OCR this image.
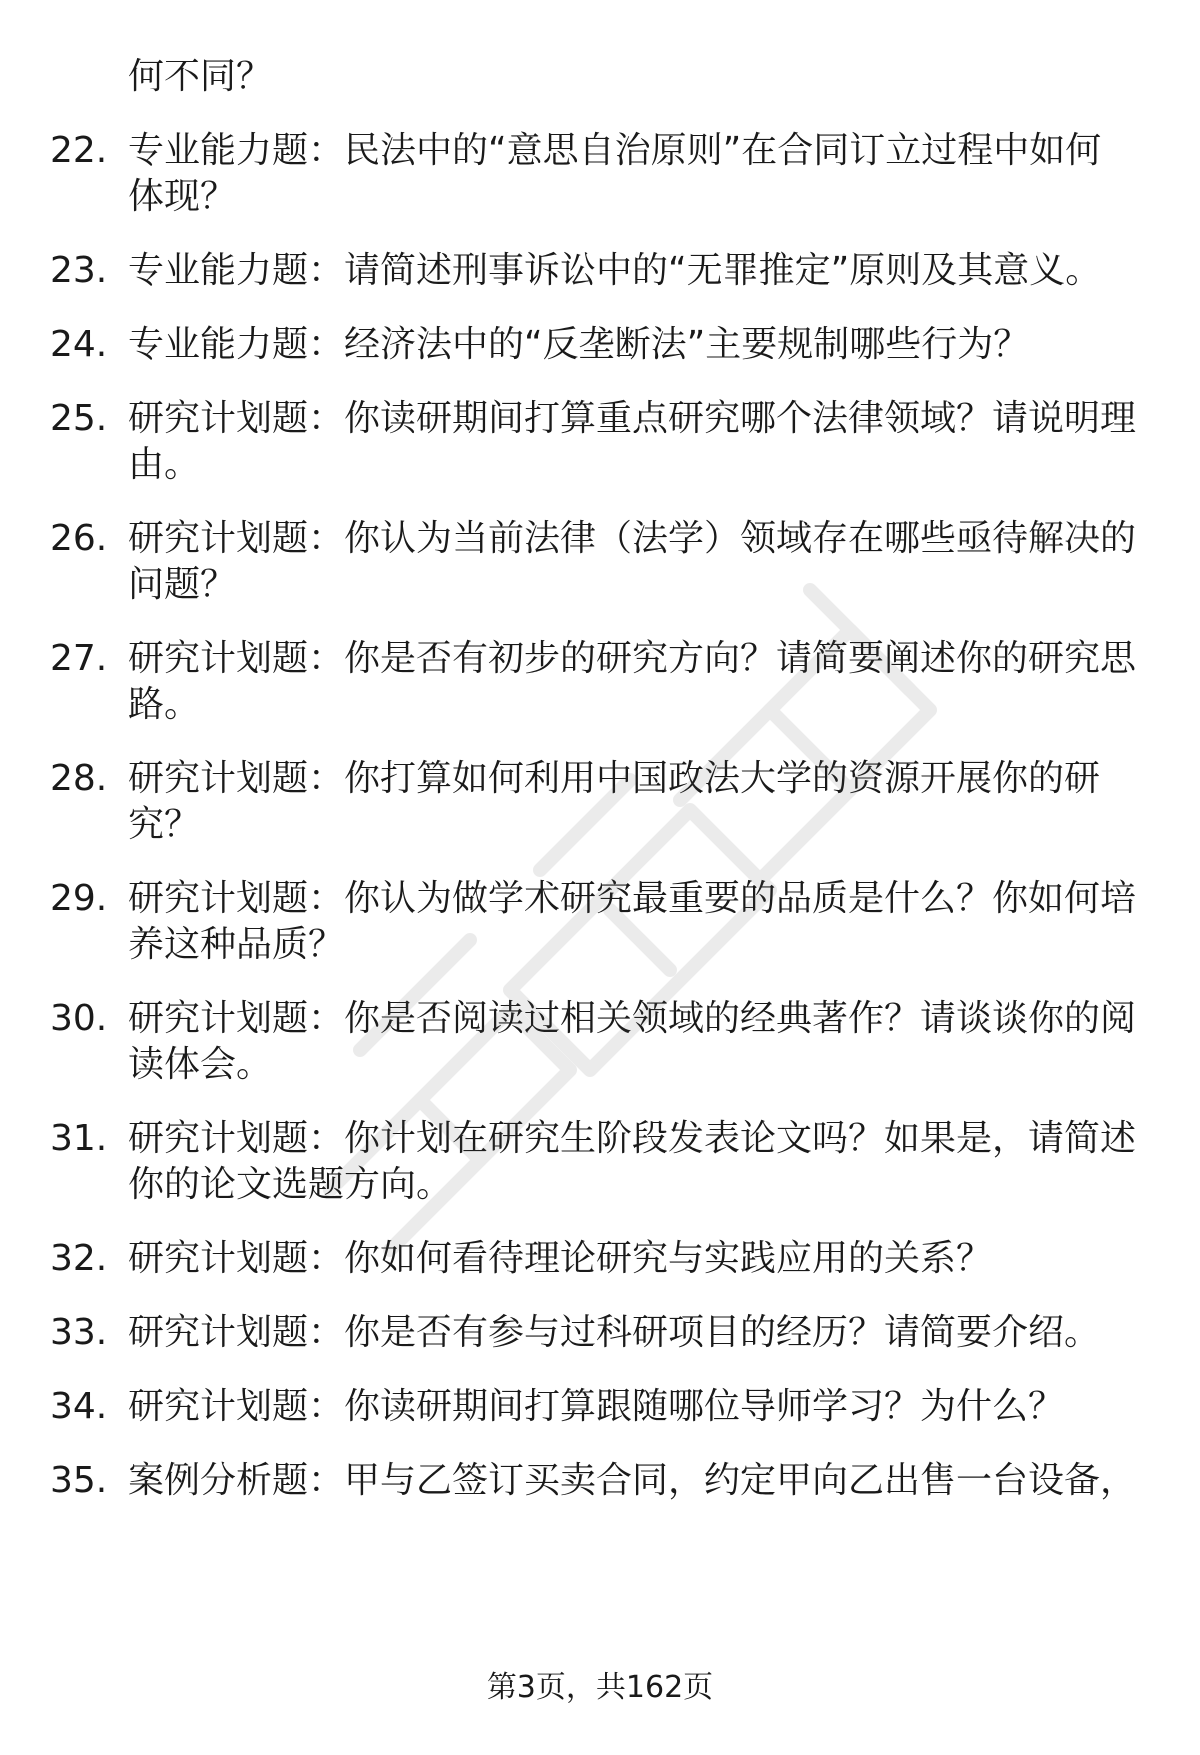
何不同？
22. 专业能力题：民法中的“意思自治原则”在合同订立过程中如何
体现？
23. 专业能力题：请简述刑事诉讼中的“无罪推定”原则及其意义。
24. 专业能力题：经济法中的“反垄断法”主要规制哪些行为？
25. 研究计划题：你读研期间打算重点研究哪个法律领域？请说明理
由。
26. 研究计划题：你认为当前法律（法学）领域存在哪些亟待解决的
问题？
27. 研究计划题：你是否有初步的研究方向？请简要阐述你的研究思
路。
28. 研究计划题：你打算如何利用中国政法大学的资源开展你的研
究？
29. 研究计划题：你认为做学术研究最重要的品质是什么？你如何培
养这种品质？
30. 研究计划题：你是否阅读过相关领域的经典著作？请谈谈你的阅
读体会。
31. 研究计划题：你计划在研究生阶段发表论文吗？如果是，请简述
你的论文选题方向。
32. 研究计划题：你如何看待理论研究与实践应用的关系？
33. 研究计划题：你是否有参与过科研项目的经历？请简要介绍。
34. 研究计划题：你读研期间打算跟随哪位导师学习？为什么？
35. 案例分析题：甲与乙签订买卖合同，约定甲向乙出售一台设备，
第3页，共162页
